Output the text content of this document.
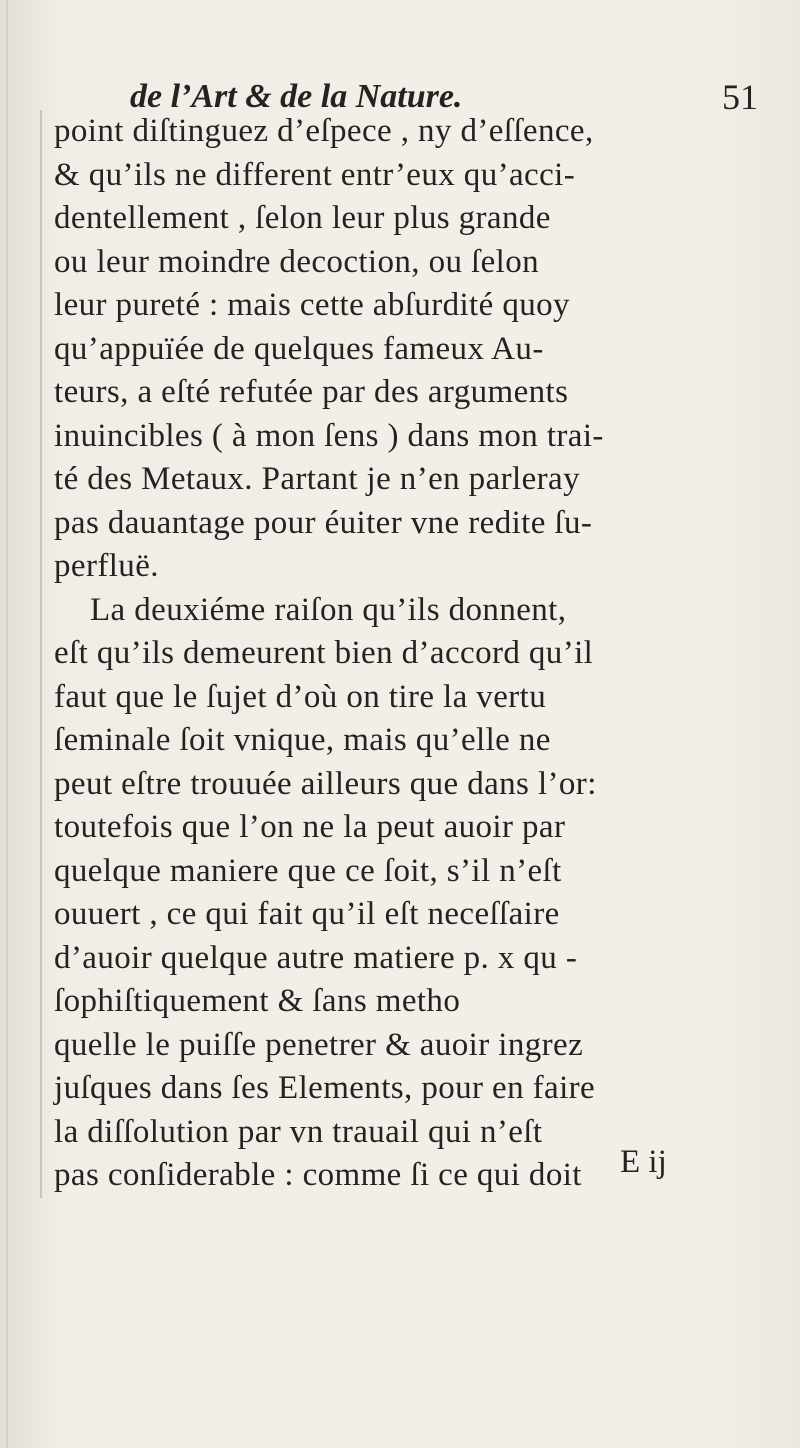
de l’Art & de la Nature.	51
point diſtinguez d’eſpece , ny d’eſſence,
& qu’ils ne different entr’eux qu’acci-
dentellement , ſelon leur plus grande
ou leur moindre decoction, ou ſelon
leur pureté : mais cette abſurdité quoy
qu’appuïée de quelques fameux Au-
teurs, a eſté refutée par des arguments
inuincibles ( à mon ſens ) dans mon trai-
té des Metaux. Partant je n’en parleray
pas dauantage pour éuiter vne redite ſu-
perfluë.
La deuxiéme raiſon qu’ils donnent,
eſt qu’ils demeurent bien d’accord qu’il
faut que le ſujet d’où on tire la vertu
ſeminale ſoit vnique, mais qu’elle ne
peut eſtre trouuée ailleurs que dans l’or:
toutefois que l’on ne la peut auoir par
quelque maniere que ce ſoit, s’il n’eſt
ouuert , ce qui fait qu’il eſt neceſſaire
d’auoir quelque autre matiere p. x qu -
ſophiſtiquement & ſans metho
quelle le puiſſe penetrer & auoir ingrez
juſques dans ſes Elements, pour en faire
la diſſolution par vn trauail qui n’eſt
pas conſiderable : comme ſi ce qui doit	E ij
